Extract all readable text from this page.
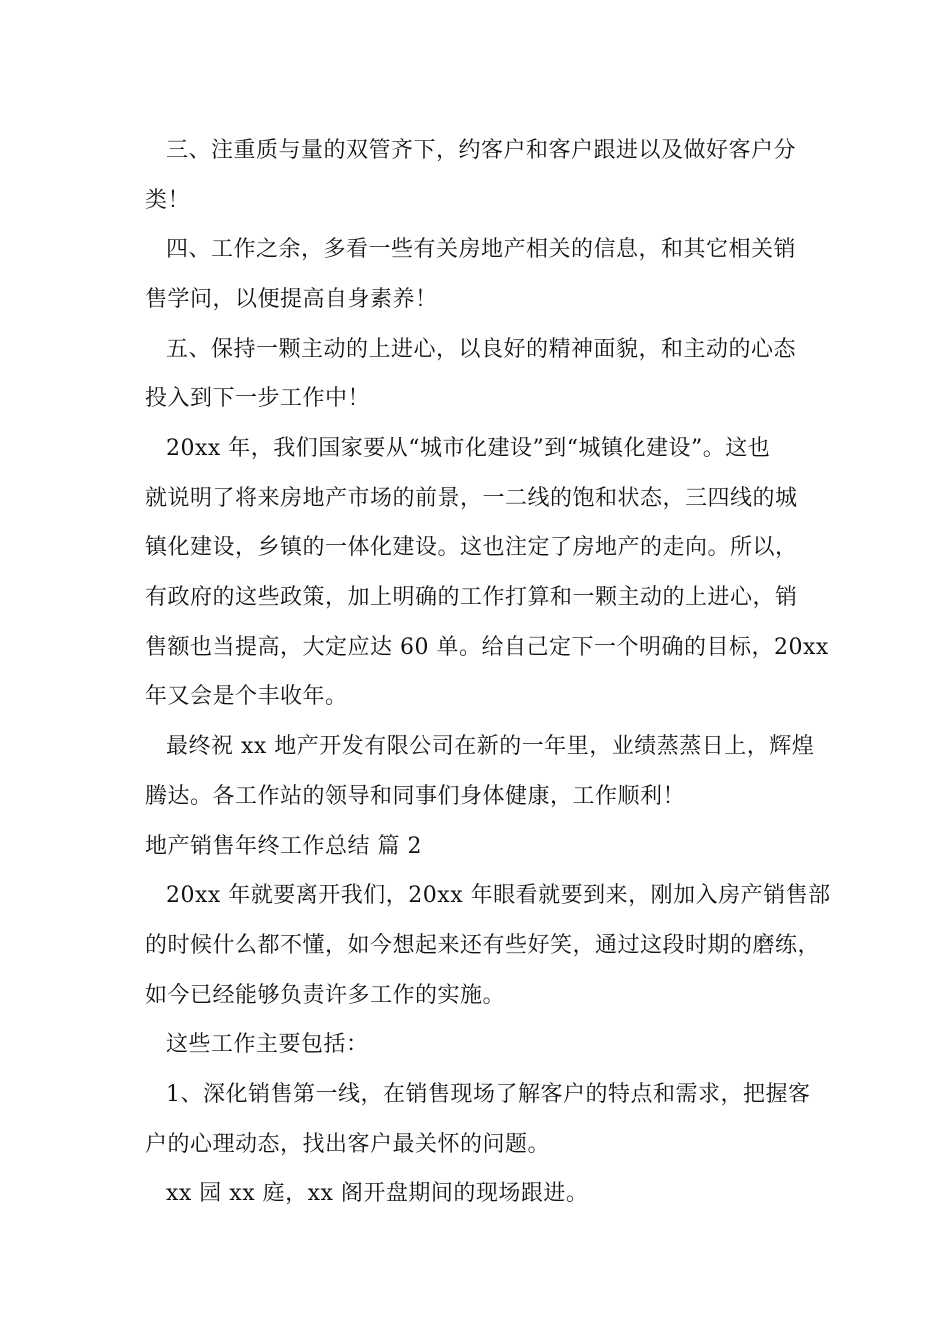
三、注重质与量的双管齐下，约客户和客户跟进以及做好客户分
类！
四、工作之余，多看一些有关房地产相关的信息，和其它相关销
售学问，以便提高自身素养！
五、保持一颗主动的上进心，以良好的精神面貌，和主动的心态
投入到下一步工作中！
20xx 年，我们国家要从“城市化建设”到“城镇化建设”。这也
就说明了将来房地产市场的前景，一二线的饱和状态，三四线的城
镇化建设，乡镇的一体化建设。这也注定了房地产的走向。所以，
有政府的这些政策，加上明确的工作打算和一颗主动的上进心，销
售额也当提高，大定应达 60 单。给自己定下一个明确的目标，20xx
年又会是个丰收年。
最终祝 xx 地产开发有限公司在新的一年里，业绩蒸蒸日上，辉煌
腾达。各工作站的领导和同事们身体健康，工作顺利！
地产销售年终工作总结 篇 2
20xx 年就要离开我们，20xx 年眼看就要到来，刚加入房产销售部
的时候什么都不懂，如今想起来还有些好笑，通过这段时期的磨练，
如今已经能够负责许多工作的实施。
这些工作主要包括：
1、深化销售第一线，在销售现场了解客户的特点和需求，把握客
户的心理动态，找出客户最关怀的问题。
xx 园 xx 庭，xx 阁开盘期间的现场跟进。
